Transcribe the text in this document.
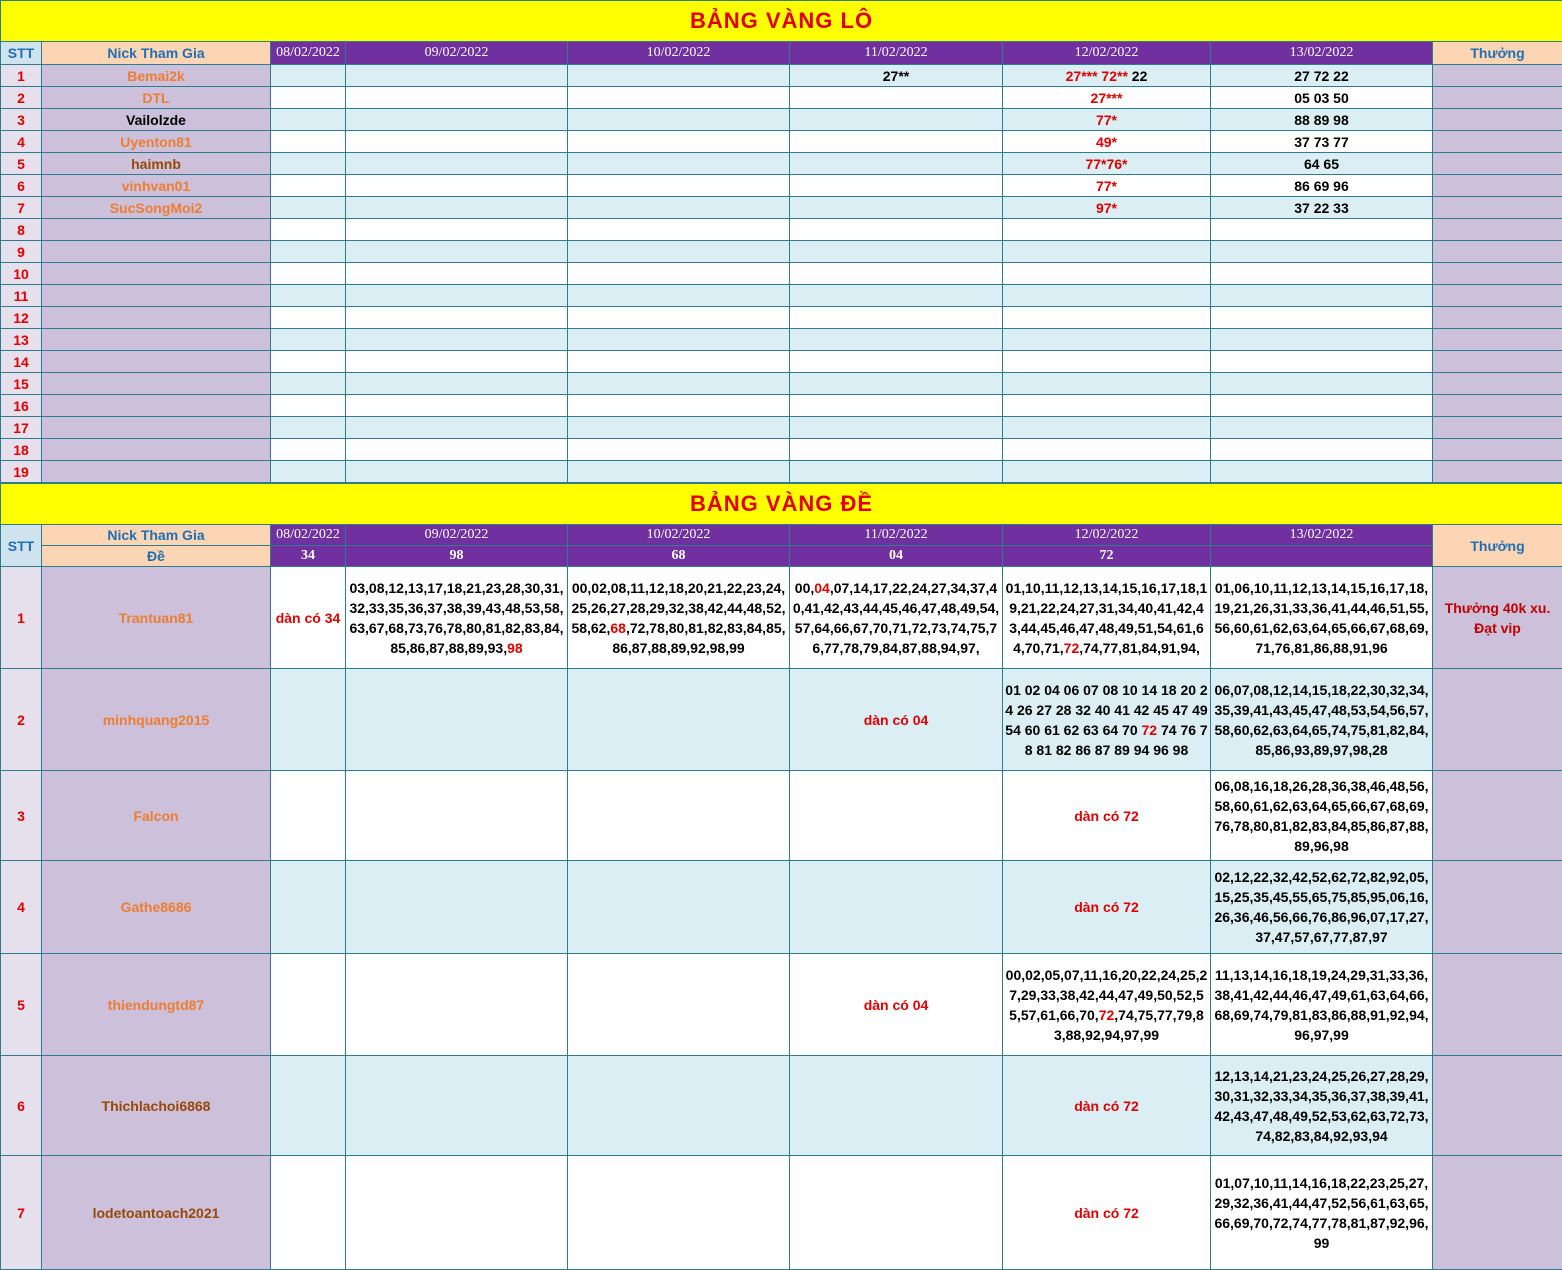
BẢNG VÀNG LÔ								
STT	Nick Tham Gia	08/02/2022	09/02/2022	10/02/2022	11/02/2022	12/02/2022	13/02/2022	Thưởng
1	Bemai2k				27**	27*** 72** 22	27 72 22	
2	DTL					27***	05 03 50	
3	Vailolzde					77*	88 89 98	
4	Uyenton81					49*	37 73 77	
5	haimnb					77*76*	64 65	
6	vinhvan01					77*	86 69 96	
7	SucSongMoi2					97*	37 22 33	
8								
9								
10								
11								
12								
13								
14								
15								
16								
17								
18								
19								
BẢNG VÀNG ĐỀ								
STT	Nick Tham Gia	08/02/2022	09/02/2022	10/02/2022	11/02/2022	12/02/2022	13/02/2022	Thưởng
	Đề	34	98	68	04	72		
1	Trantuan81	dàn có 34	03,08,12,13,17,18,21,23,28,30,31,32,33,35,36,37,38,39,43,48,53,58,63,67,68,73,76,78,80,81,82,83,84,85,86,87,88,89,93,98	00,02,08,11,12,18,20,21,22,23,24,25,26,27,28,29,32,38,42,44,48,52,58,62,68,72,78,80,81,82,83,84,85,86,87,88,89,92,98,99	00,04,07,14,17,22,24,27,34,37,40,41,42,43,44,45,46,47,48,49,54,57,64,66,67,70,71,72,73,74,75,76,77,78,79,84,87,88,94,97,	01,10,11,12,13,14,15,16,17,18,19,21,22,24,27,31,34,40,41,42,43,44,45,46,47,48,49,51,54,61,64,70,71,72,74,77,81,84,91,94,	01,06,10,11,12,13,14,15,16,17,18,19,21,26,31,33,36,41,44,46,51,55,56,60,61,62,63,64,65,66,67,68,69,71,76,81,86,88,91,96	Thưởng 40k xu. Đạt vip
2	minhquang2015				dàn có 04	01 02 04 06 07 08 10 14 18 20 24 26 27 28 32 40 41 42 45 47 49 54 60 61 62 63 64 70 72 74 76 78 81 82 86 87 89 94 96 98	06,07,08,12,14,15,18,22,30,32,34,35,39,41,43,45,47,48,53,54,56,57,58,60,62,63,64,65,74,75,81,82,84,85,86,93,89,97,98,28	
3	Falcon					dàn có 72	06,08,16,18,26,28,36,38,46,48,56,58,60,61,62,63,64,65,66,67,68,69,76,78,80,81,82,83,84,85,86,87,88,89,96,98	
4	Gathe8686					dàn có 72	02,12,22,32,42,52,62,72,82,92,05,15,25,35,45,55,65,75,85,95,06,16,26,36,46,56,66,76,86,96,07,17,27,37,47,57,67,77,87,97	
5	thiendungtd87				dàn có 04	00,02,05,07,11,16,20,22,24,25,27,29,33,38,42,44,47,49,50,52,55,57,61,66,70,72,74,75,77,79,83,88,92,94,97,99	11,13,14,16,18,19,24,29,31,33,36,38,41,42,44,46,47,49,61,63,64,66,68,69,74,79,81,83,86,88,91,92,94,96,97,99	
6	Thichlachoi6868					dàn có 72	12,13,14,21,23,24,25,26,27,28,29,30,31,32,33,34,35,36,37,38,39,41,42,43,47,48,49,52,53,62,63,72,73,74,82,83,84,92,93,94	
7	lodetoantoach2021					dàn có 72	01,07,10,11,14,16,18,22,23,25,27,29,32,36,41,44,47,52,56,61,63,65,66,69,70,72,74,77,78,81,87,92,96,99	
